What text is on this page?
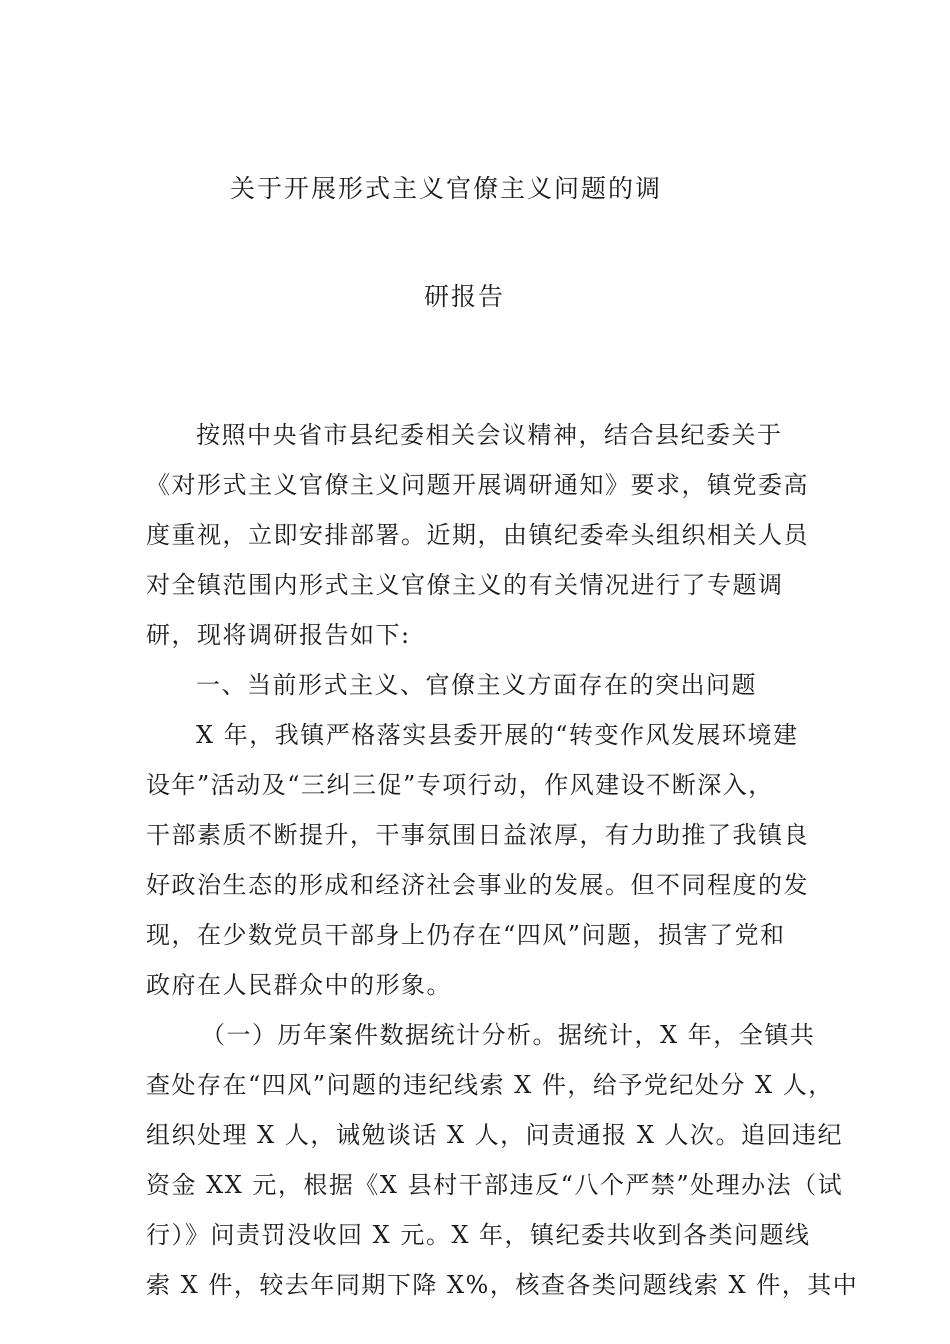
关于开展形式主义官僚主义问题的调
研报告
按照中央省市县纪委相关会议精神，结合县纪委关于
《对形式主义官僚主义问题开展调研通知》要求，镇党委高
度重视，立即安排部署。近期，由镇纪委牵头组织相关人员
对全镇范围内形式主义官僚主义的有关情况进行了专题调
研，现将调研报告如下:
一、当前形式主义、官僚主义方面存在的突出问题
X 年，我镇严格落实县委开展的“转变作风发展环境建
设年”活动及“三纠三促”专项行动，作风建设不断深入，
干部素质不断提升，干事氛围日益浓厚，有力助推了我镇良
好政治生态的形成和经济社会事业的发展。但不同程度的发
现，在少数党员干部身上仍存在“四风”问题，损害了党和
政府在人民群众中的形象。
（一）历年案件数据统计分析。据统计，X 年，全镇共
查处存在“四风”问题的违纪线索 X 件，给予党纪处分 X 人，
组织处理 X 人，诫勉谈话 X 人，问责通报 X 人次。追回违纪
资金 XX 元，根据《X 县村干部违反“八个严禁”处理办法（试
行）》问责罚没收回 X 元。X 年，镇纪委共收到各类问题线
索 X 件，较去年同期下降 X%，核查各类问题线索 X 件，其中
